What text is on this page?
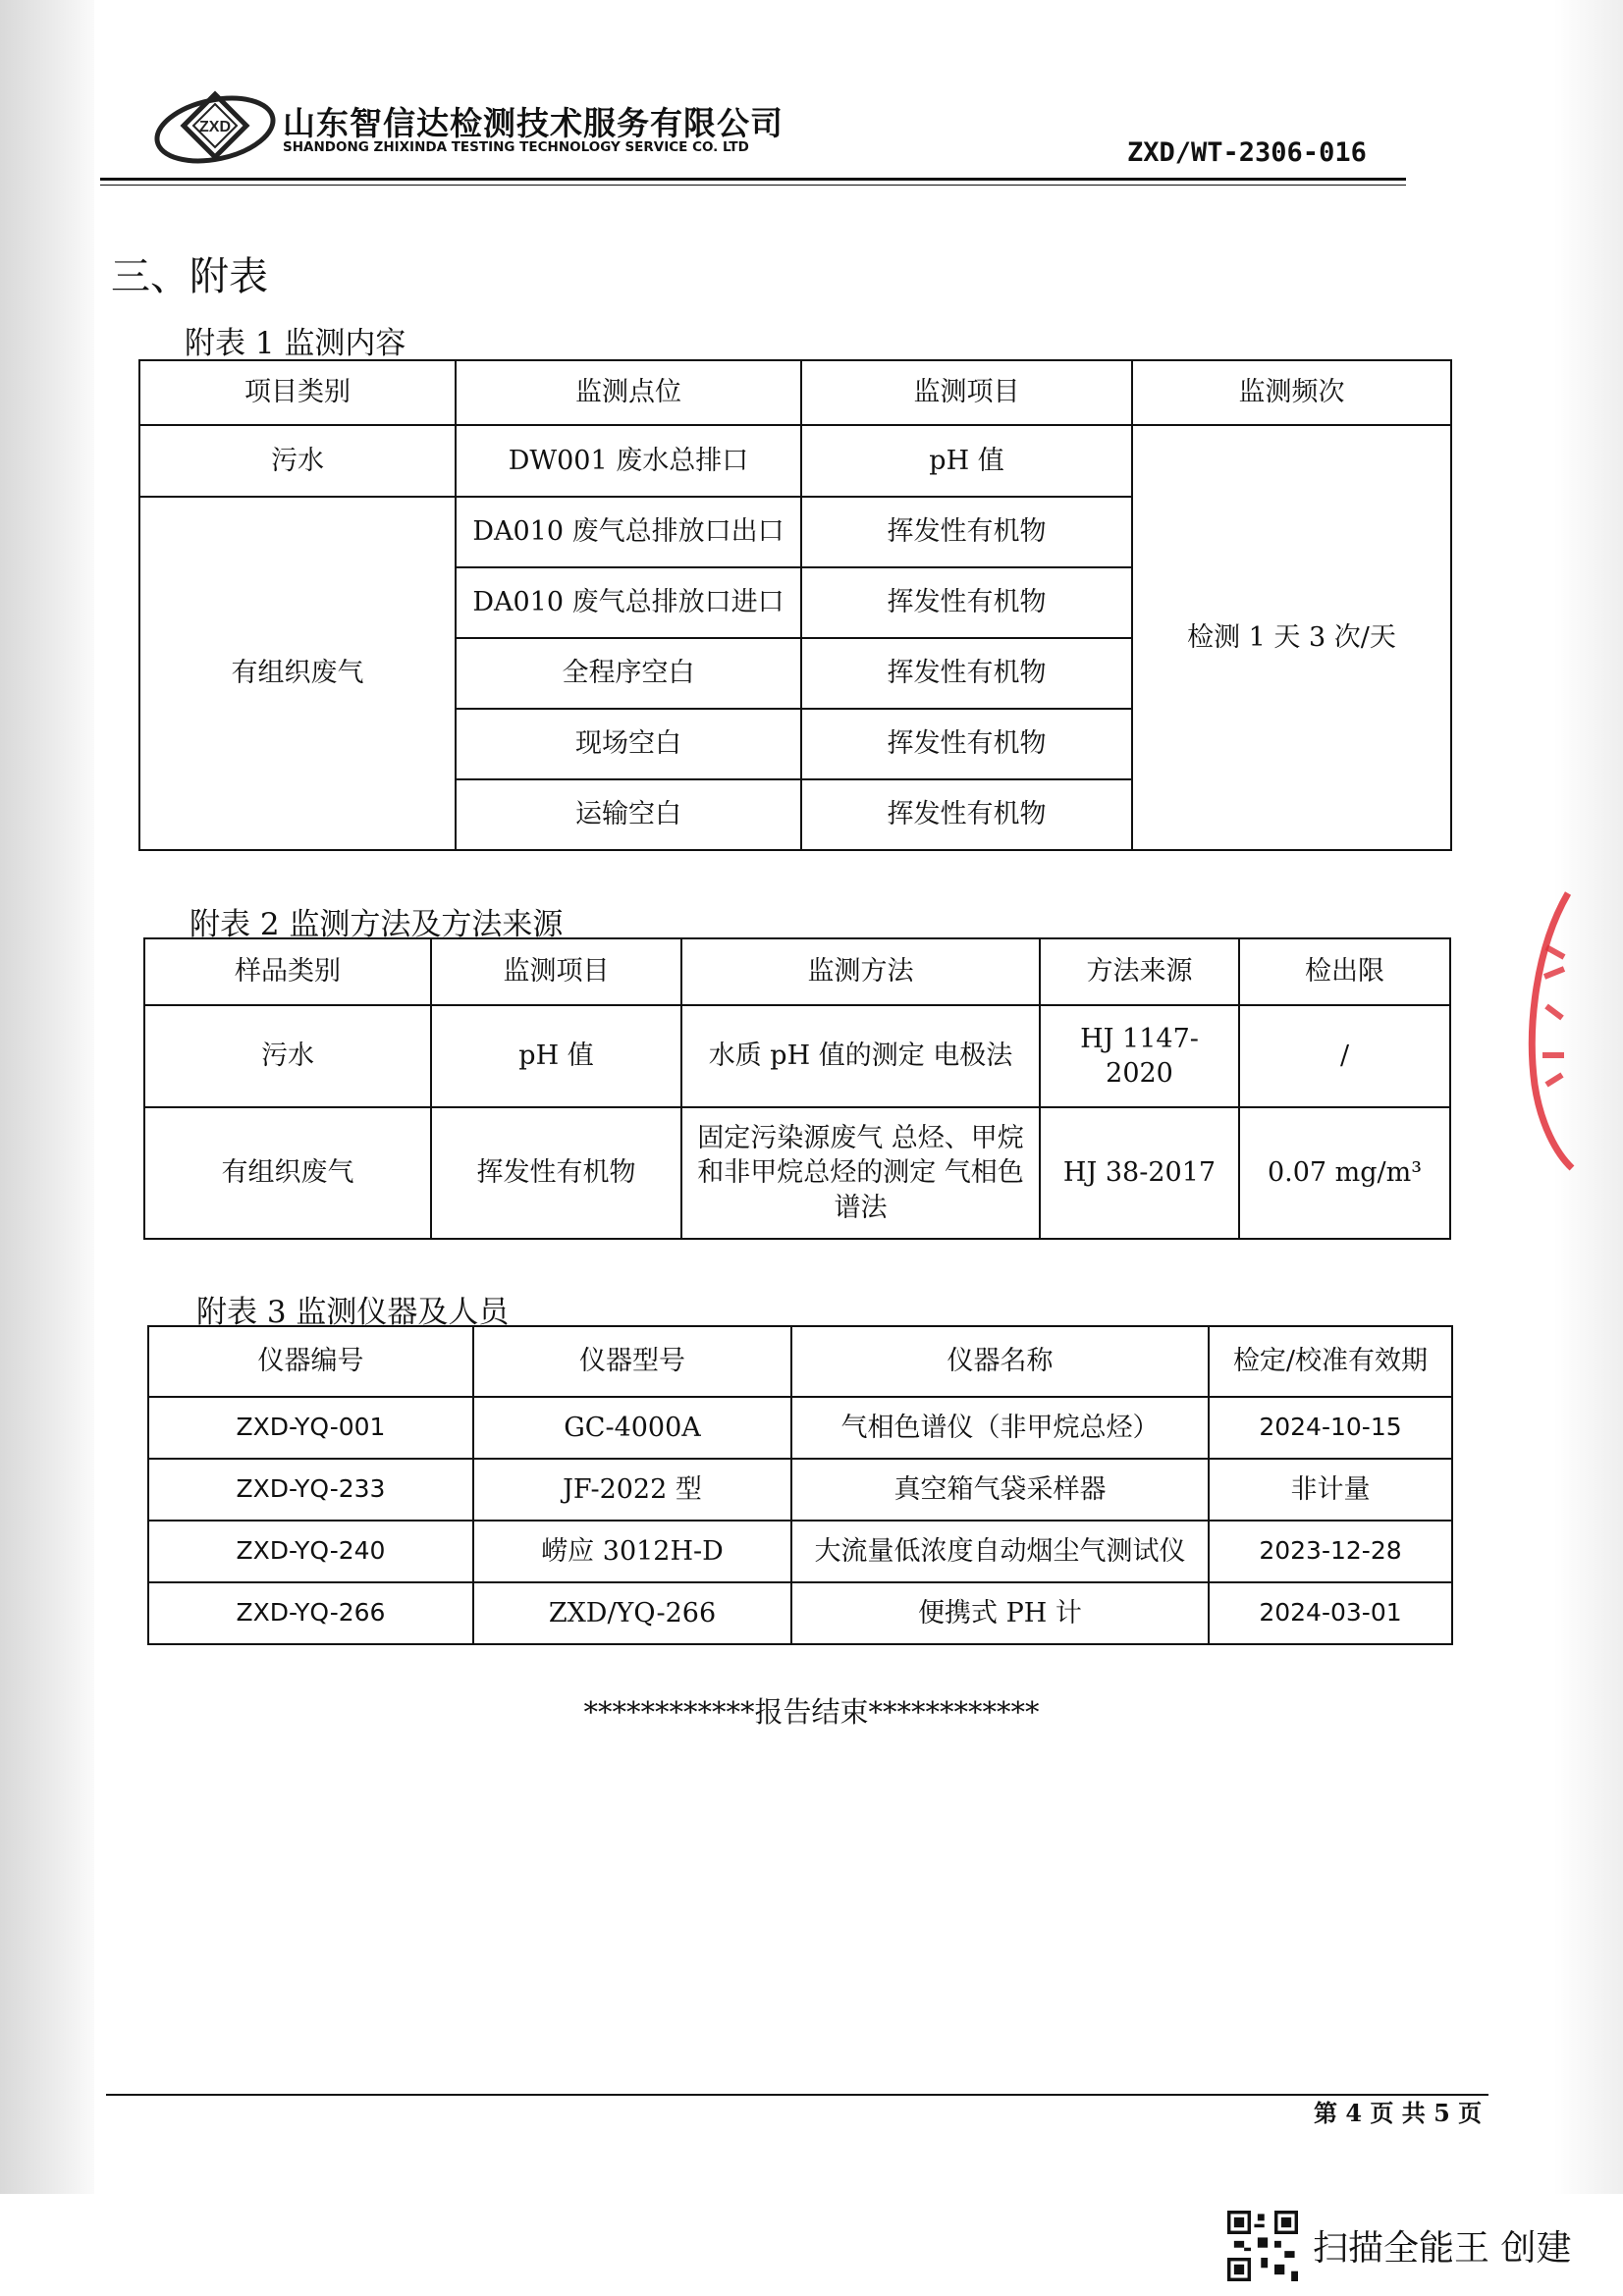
ZXD 山东智信达检测技术服务有限公司
SHANDONG ZHIXINDA TESTING TECHNOLOGY SERVICE CO. LTD	ZXD/WT-2306-016
三、附表
附表 1 监测内容
项目类别	监测点位	监测项目	监测频次
污水	DW001 废水总排口	pH 值	检测 1 天 3 次/天
有组织废气	DA010 废气总排放口出口	挥发性有机物	
	DA010 废气总排放口进口	挥发性有机物	
	全程序空白	挥发性有机物	
	现场空白	挥发性有机物	
	运输空白	挥发性有机物	
附表 2 监测方法及方法来源
样品类别	监测项目	监测方法	方法来源	检出限
污水	pH 值	水质 pH 值的测定 电极法	HJ 1147-2020	/
有组织废气	挥发性有机物	固定污染源废气 总烃、甲烷和非甲烷总烃的测定 气相色谱法	HJ 38-2017	0.07 mg/m³
附表 3 监测仪器及人员
仪器编号	仪器型号	仪器名称	检定/校准有效期
ZXD-YQ-001	GC-4000A	气相色谱仪（非甲烷总烃）	2024-10-15
ZXD-YQ-233	JF-2022 型	真空箱气袋采样器	非计量
ZXD-YQ-240	崂应 3012H-D	大流量低浓度自动烟尘气测试仪	2023-12-28
ZXD-YQ-266	ZXD/YQ-266	便携式 PH 计	2024-03-01
************报告结束************
第 4 页 共 5 页
扫描全能王 创建
